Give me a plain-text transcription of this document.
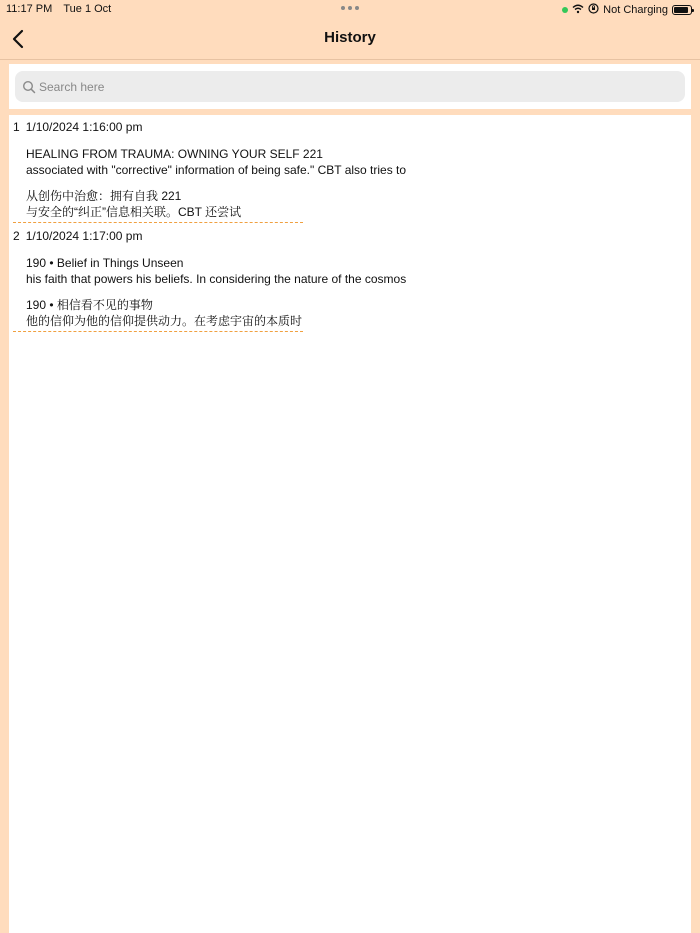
11:17 PM Tue 1 Oct	Not Charging
History
Search here
1 1/10/2024 1:16:00 pm
HEALING FROM TRAUMA: OWNING YOUR SELF 221
associated with "corrective" information of being safe." CBT also tries to
从创伤中治愈：拥有自我 221
与安全的“纠正”信息相关联。CBT 还尝试
2 1/10/2024 1:17:00 pm
190 • Belief in Things Unseen
his faith that powers his beliefs. In considering the nature of the cosmos
190 • 相信看不见的事物
他的信仰为他的信仰提供动力。在考虑宇宙的本质时
